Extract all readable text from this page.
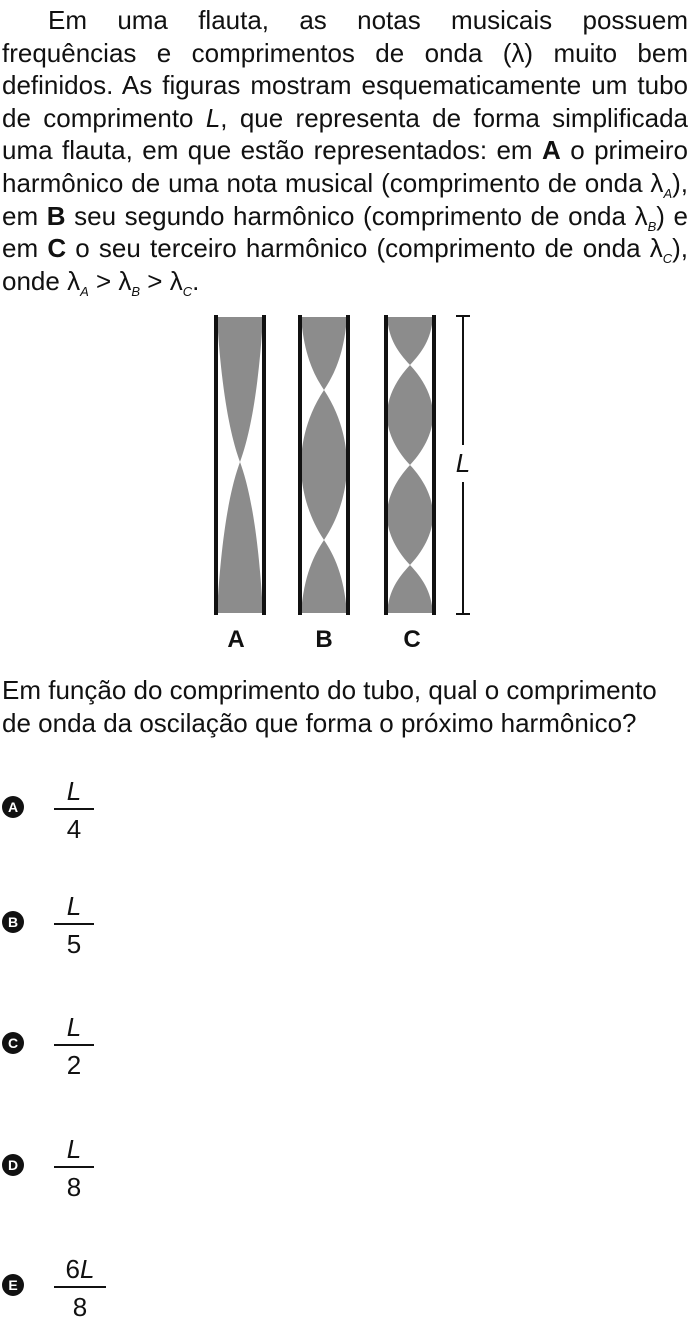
Em uma flauta, as notas musicais possuem frequências e comprimentos de onda (λ) muito bem definidos. As figuras mostram esquematicamente um tubo de comprimento L, que representa de forma simplificada uma flauta, em que estão representados: em A o primeiro harmônico de uma nota musical (comprimento de onda $\lambda_A$), em B seu segundo harmônico (comprimento de onda $\lambda_B$) e em C o seu terceiro harmônico (comprimento de onda $\lambda_C$), onde $\lambda_A > \lambda_B > \lambda_C$.
L
A	B	C
Em função do comprimento do tubo, qual o comprimento de onda da oscilação que forma o próximo harmônico?
A
L
4
B
L
5
C
L
2
D
L
8
E
6L
8
